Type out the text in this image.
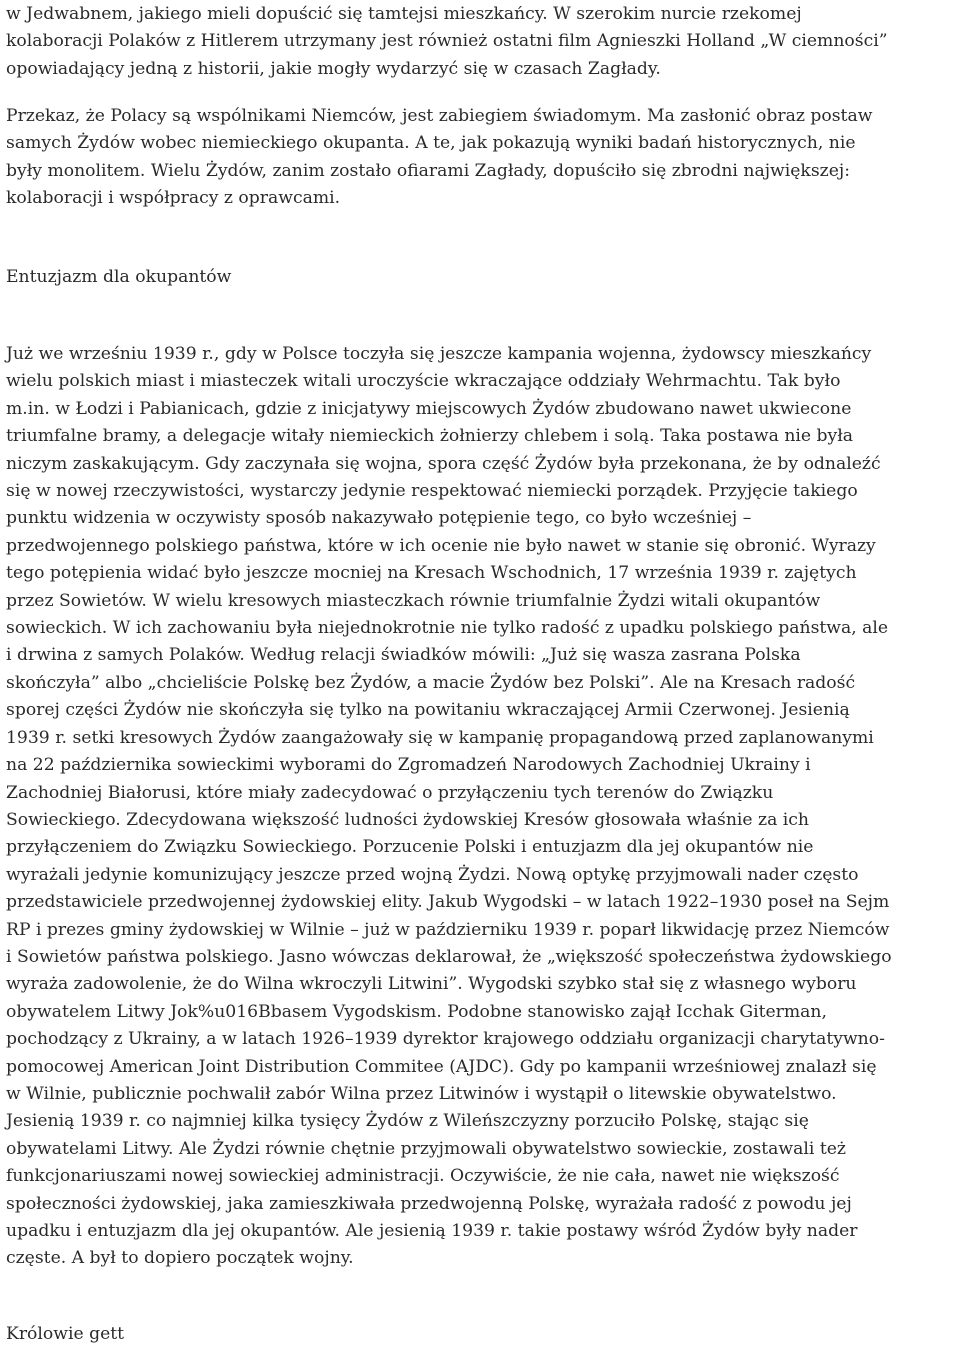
w Jedwabnem, jakiego mieli dopuścić się tamtejsi mieszkańcy. W szerokim nurcie rzekomej
kolaboracji Polaków z Hitlerem utrzymany jest również ostatni film Agnieszki Holland „W ciemności”
opowiadający jedną z historii, jakie mogły wydarzyć się w czasach Zagłady.

Przekaz, że Polacy są wspólnikami Niemców, jest zabiegiem świadomym. Ma zasłonić obraz postaw
samych Żydów wobec niemieckiego okupanta. A te, jak pokazują wyniki badań historycznych, nie
były monolitem. Wielu Żydów, zanim zostało ofiarami Zagłady, dopuściło się zbrodni największej:
kolaboracji i współpracy z oprawcami.

Entuzjazm dla okupantów

Już we wrześniu 1939 r., gdy w Polsce toczyła się jeszcze kampania wojenna, żydowscy mieszkańcy
wielu polskich miast i miasteczek witali uroczyście wkraczające oddziały Wehrmachtu. Tak było
m.in. w Łodzi i Pabianicach, gdzie z inicjatywy miejscowych Żydów zbudowano nawet ukwiecone
triumfalne bramy, a delegacje witały niemieckich żołnierzy chlebem i solą. Taka postawa nie była
niczym zaskakującym. Gdy zaczynała się wojna, spora część Żydów była przekonana, że by odnaleźć
się w nowej rzeczywistości, wystarczy jedynie respektować niemiecki porządek. Przyjęcie takiego
punktu widzenia w oczywisty sposób nakazywało potępienie tego, co było wcześniej –
przedwojennego polskiego państwa, które w ich ocenie nie było nawet w stanie się obronić. Wyrazy
tego potępienia widać było jeszcze mocniej na Kresach Wschodnich, 17 września 1939 r. zajętych
przez Sowietów. W wielu kresowych miasteczkach równie triumfalnie Żydzi witali okupantów
sowieckich. W ich zachowaniu była niejednokrotnie nie tylko radość z upadku polskiego państwa, ale
i drwina z samych Polaków. Według relacji świadków mówili: „Już się wasza zasrana Polska
skończyła” albo „chcieliście Polskę bez Żydów, a macie Żydów bez Polski”. Ale na Kresach radość
sporej części Żydów nie skończyła się tylko na powitaniu wkraczającej Armii Czerwonej. Jesienią
1939 r. setki kresowych Żydów zaangażowały się w kampanię propagandową przed zaplanowanymi
na 22 października sowieckimi wyborami do Zgromadzeń Narodowych Zachodniej Ukrainy i
Zachodniej Białorusi, które miały zadecydować o przyłączeniu tych terenów do Związku
Sowieckiego. Zdecydowana większość ludności żydowskiej Kresów głosowała właśnie za ich
przyłączeniem do Związku Sowieckiego. Porzucenie Polski i entuzjazm dla jej okupantów nie
wyrażali jedynie komunizujący jeszcze przed wojną Żydzi. Nową optykę przyjmowali nader często
przedstawiciele przedwojennej żydowskiej elity. Jakub Wygodski – w latach 1922–1930 poseł na Sejm
RP i prezes gminy żydowskiej w Wilnie – już w październiku 1939 r. poparł likwidację przez Niemców
i Sowietów państwa polskiego. Jasno wówczas deklarował, że „większość społeczeństwa żydowskiego
wyraża zadowolenie, że do Wilna wkroczyli Litwini”. Wygodski szybko stał się z własnego wyboru
obywatelem Litwy Jok%u016Bbasem Vygodskism. Podobne stanowisko zajął Icchak Giterman,
pochodzący z Ukrainy, a w latach 1926–1939 dyrektor krajowego oddziału organizacji charytatywno-
pomocowej American Joint Distribution Commitee (AJDC). Gdy po kampanii wrześniowej znalazł się
w Wilnie, publicznie pochwalił zabór Wilna przez Litwinów i wystąpił o litewskie obywatelstwo.
Jesienią 1939 r. co najmniej kilka tysięcy Żydów z Wileńszczyzny porzuciło Polskę, stając się
obywatelami Litwy. Ale Żydzi równie chętnie przyjmowali obywatelstwo sowieckie, zostawali też
funkcjonariuszami nowej sowieckiej administracji. Oczywiście, że nie cała, nawet nie większość
społeczności żydowskiej, jaka zamieszkiwała przedwojenną Polskę, wyrażała radość z powodu jej
upadku i entuzjazm dla jej okupantów. Ale jesienią 1939 r. takie postawy wśród Żydów były nader
częste. A był to dopiero początek wojny.

Królowie gett
